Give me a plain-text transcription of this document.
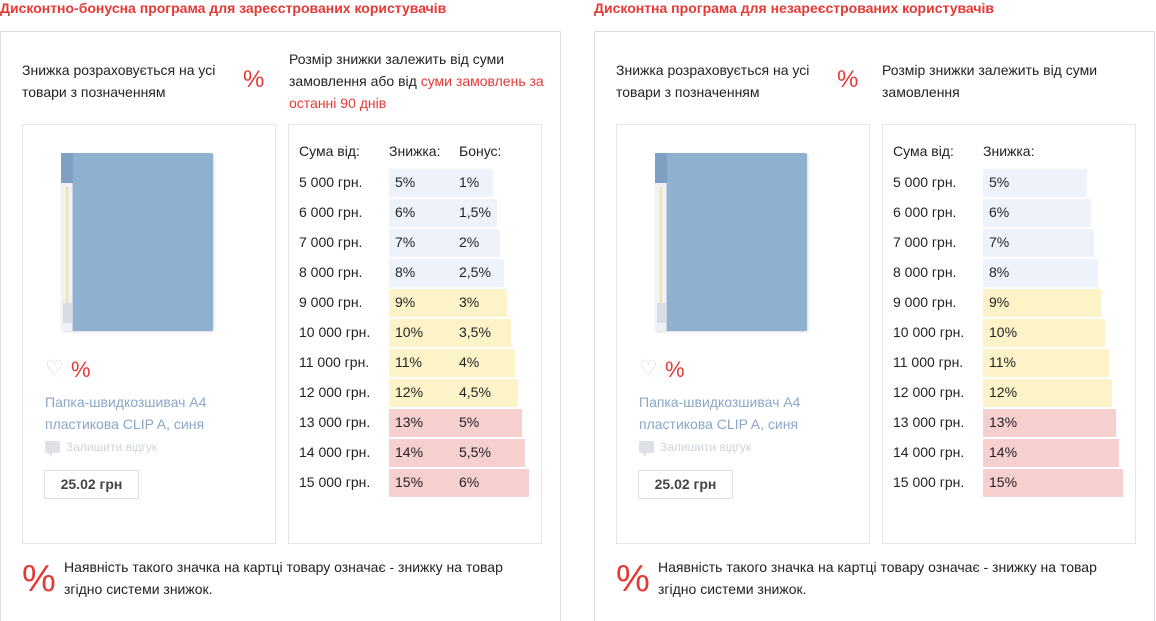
Дисконтно-бонусна програма для зареєстрованих користувачів

Знижка розраховується на усі товари з позначенням	%

Розмір знижки залежить від суми замовлення або від суми замовлень за останні 90 днів

♡ %
Папка-швидкозшивач А4 пластикова CLIP A, синя
Залишити відгук
25.02 грн
Сума від: Знижка: Бонус:
5 000 грн. 5%	1%
6 000 грн. 6%	1,5%
7 000 грн. 7%	2%
8 000 грн. 8%	2,5%
9 000 грн. 9%	3%
10 000 грн. 10%	3,5%
11 000 грн. 11%	4%
12 000 грн. 12%	4,5%
13 000 грн. 13%	5%
14 000 грн. 14%	5,5%
15 000 грн. 15%	6%
% Наявність такого значка на картці товару означає - знижку на товар згідно системи знижок.

Дисконтна програма для незареєстрованих користувачів

Знижка розраховується на усі товари з позначенням	% Розмір знижки залежить від суми замовлення

♡ %
Папка-швидкозшивач А4 пластикова CLIP A, синя
Залишити відгук
25.02 грн
Сума від: Знижка:
5 000 грн. 5%
6 000 грн. 6%
7 000 грн. 7%
8 000 грн. 8%
9 000 грн. 9%
10 000 грн. 10%
11 000 грн. 11%
12 000 грн. 12%
13 000 грн. 13%
14 000 грн. 14%
15 000 грн. 15%
% Наявність такого значка на картці товару означає - знижку на товар згідно системи знижок.
